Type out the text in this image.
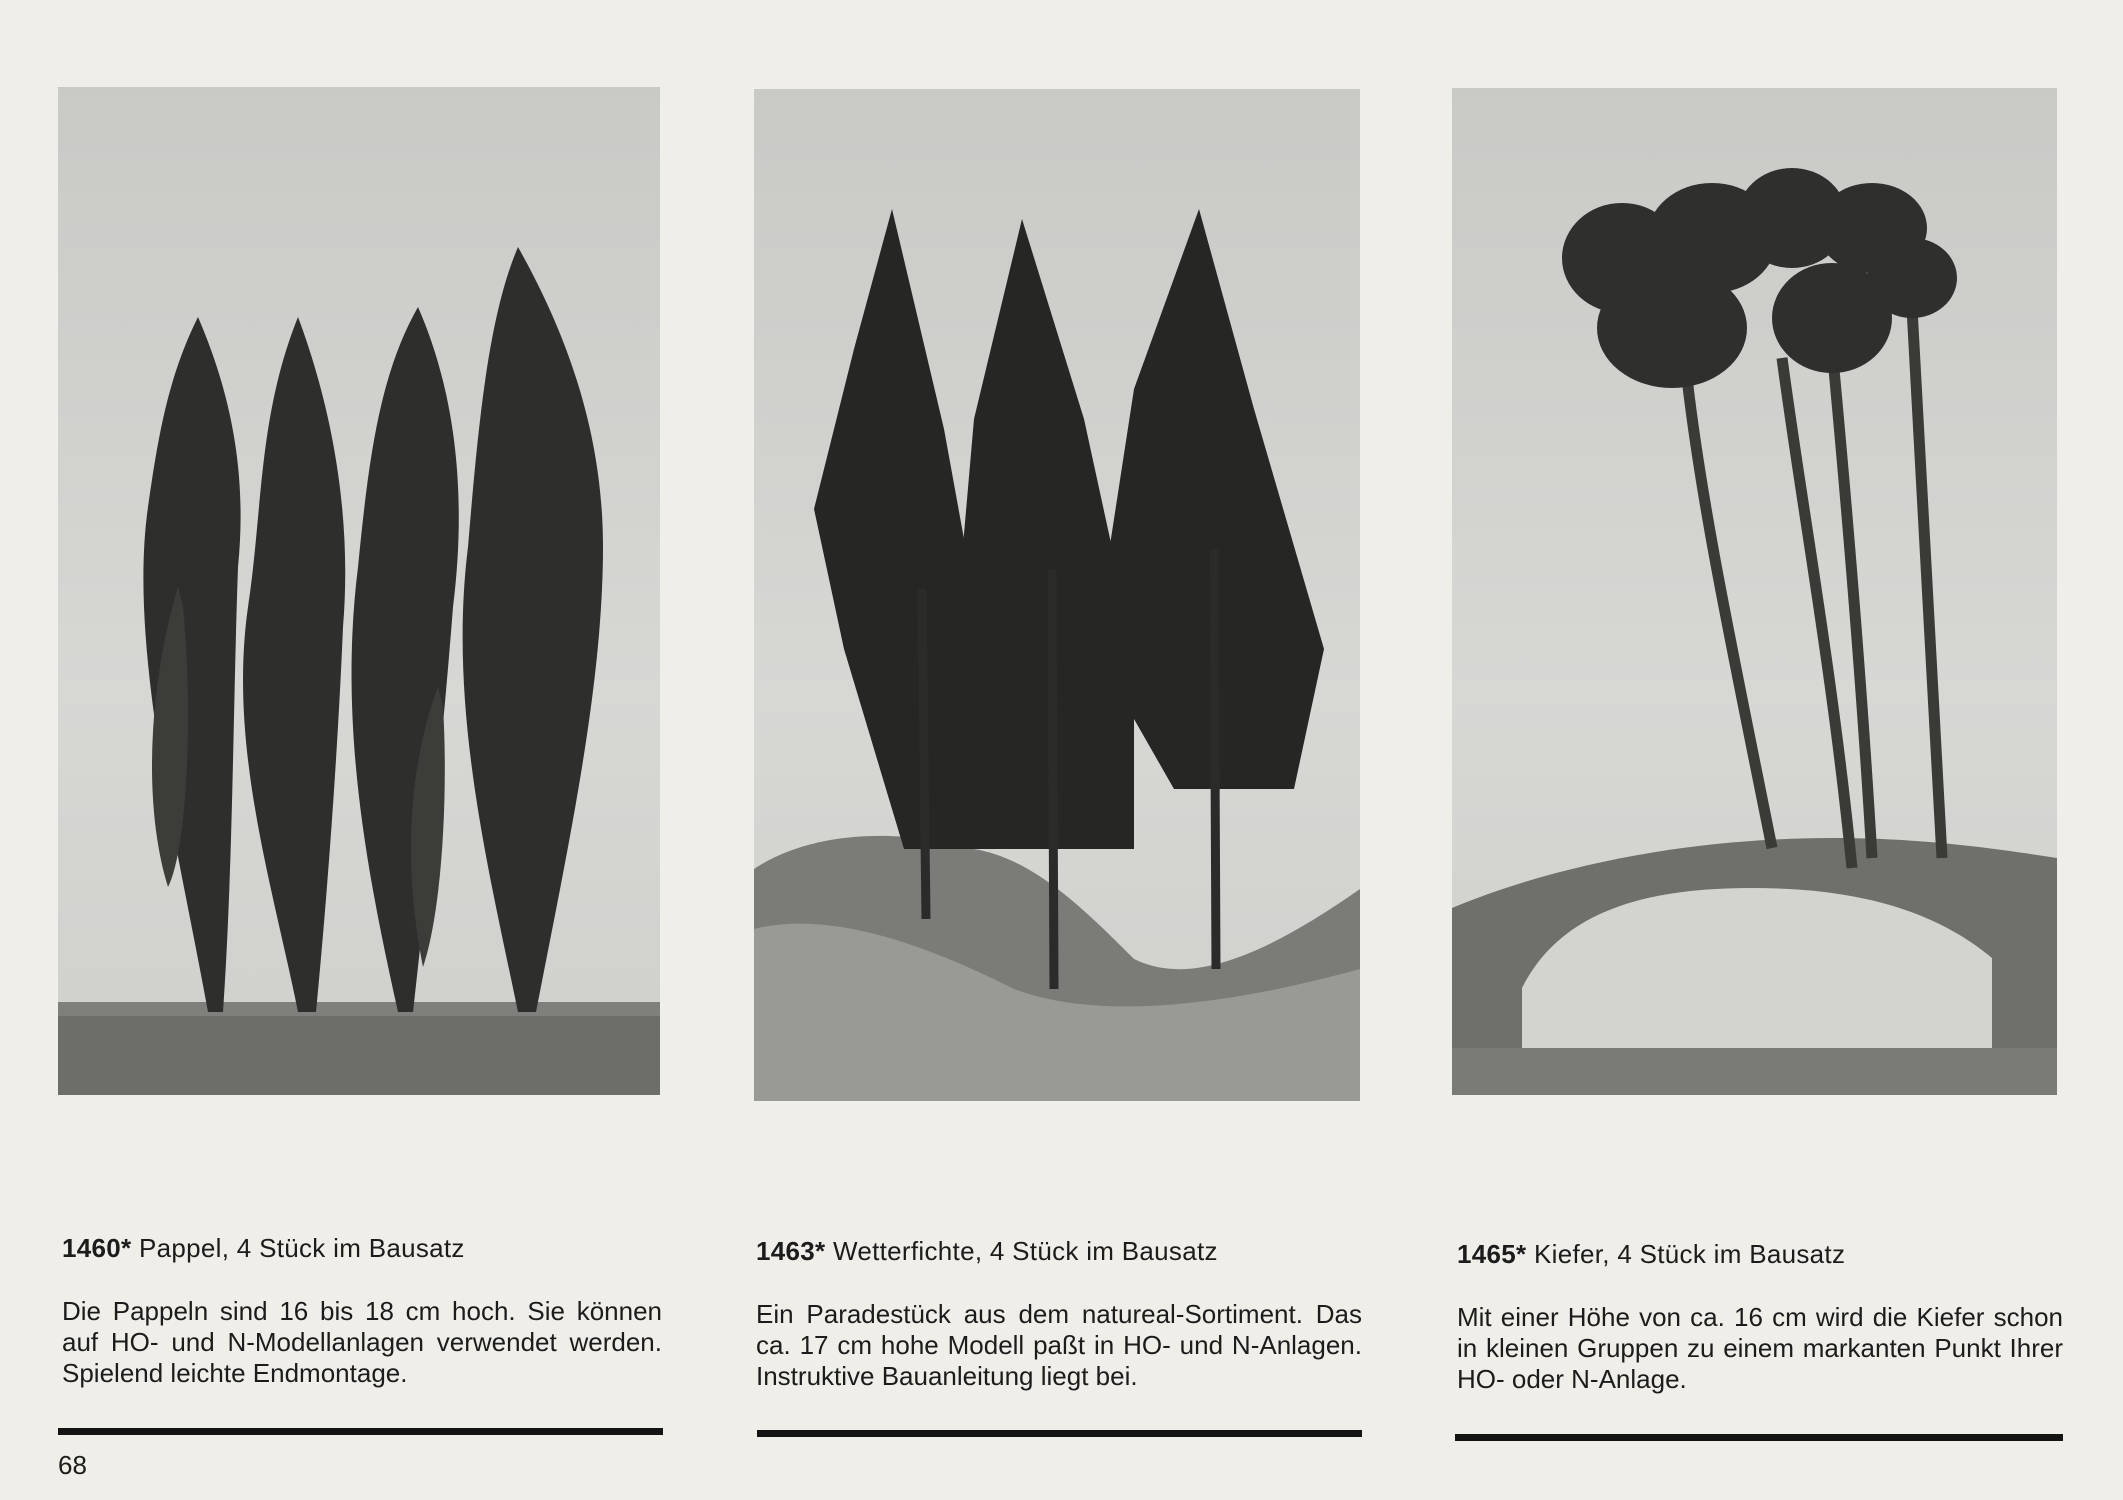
1460* Pappel, 4 Stück im Bausatz

Die Pappeln sind 16 bis 18 cm hoch. Sie können auf HO- und N-Modellanlagen verwendet werden. Spielend leichte Endmontage.

1463* Wetterfichte, 4 Stück im Bausatz

Ein Paradestück aus dem natureal-Sortiment. Das ca. 17 cm hohe Modell paßt in HO- und N-Anlagen. Instruktive Bauanleitung liegt bei.

1465* Kiefer, 4 Stück im Bausatz

Mit einer Höhe von ca. 16 cm wird die Kiefer schon in kleinen Gruppen zu einem markanten Punkt Ihrer HO- oder N-Anlage.

68
